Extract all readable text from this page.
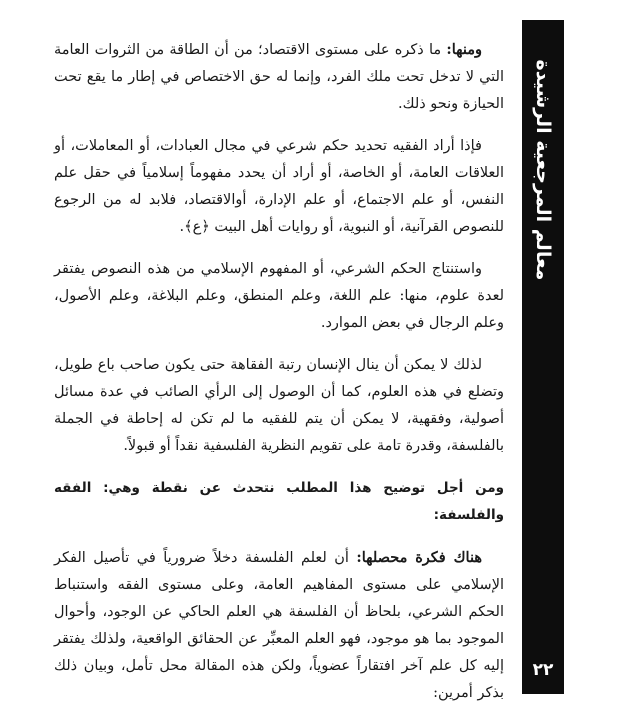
معالم المرجعية الرشيدة
٢٢

ومنها: ما ذكره على مستوى الاقتصاد؛ من أن الطاقة من الثروات العامة التي لا تدخل تحت ملك الفرد، وإنما له حق الاختصاص في إطار ما يقع تحت الحيازة ونحو ذلك.

فإذا أراد الفقيه تحديد حكم شرعي في مجال العبادات، أو المعاملات، أو العلاقات العامة، أو الخاصة، أو أراد أن يحدد مفهوماً إسلامياً في حقل علم النفس، أو علم الاجتماع، أو علم الإدارة، أوالاقتصاد، فلابد له من الرجوع للنصوص القرآنية، أو النبوية، أو روايات أهل البيت ﴿ع﴾.

واستنتاج الحكم الشرعي، أو المفهوم الإسلامي من هذه النصوص يفتقر لعدة علوم، منها: علم اللغة، وعلم المنطق، وعلم البلاغة، وعلم الأصول، وعلم الرجال في بعض الموارد.

لذلك لا يمكن أن ينال الإنسان رتبة الفقاهة حتى يكون صاحب باع طويل، وتضلع في هذه العلوم، كما أن الوصول إلى الرأي الصائب في عدة مسائل أصولية، وفقهية، لا يمكن أن يتم للفقيه ما لم تكن له إحاطة في الجملة بالفلسفة، وقدرة تامة على تقويم النظرية الفلسفية نقداً أو قبولاً.

ومن أجل توضيح هذا المطلب نتحدث عن نقطة وهي: الفقه والفلسفة:

هناك فكرة محصلها: أن لعلم الفلسفة دخلاً ضرورياً في تأصيل الفكر الإسلامي على مستوى المفاهيم العامة، وعلى مستوى الفقه واستنباط الحكم الشرعي، بلحاظ أن الفلسفة هي العلم الحاكي عن الوجود، وأحوال الموجود بما هو موجود، فهو العلم المعبِّر عن الحقائق الواقعية، ولذلك يفتقر إليه كل علم آخر افتقاراً عضوياً، ولكن هذه المقالة محل تأمل، وبيان ذلك بذكر أمرين:
